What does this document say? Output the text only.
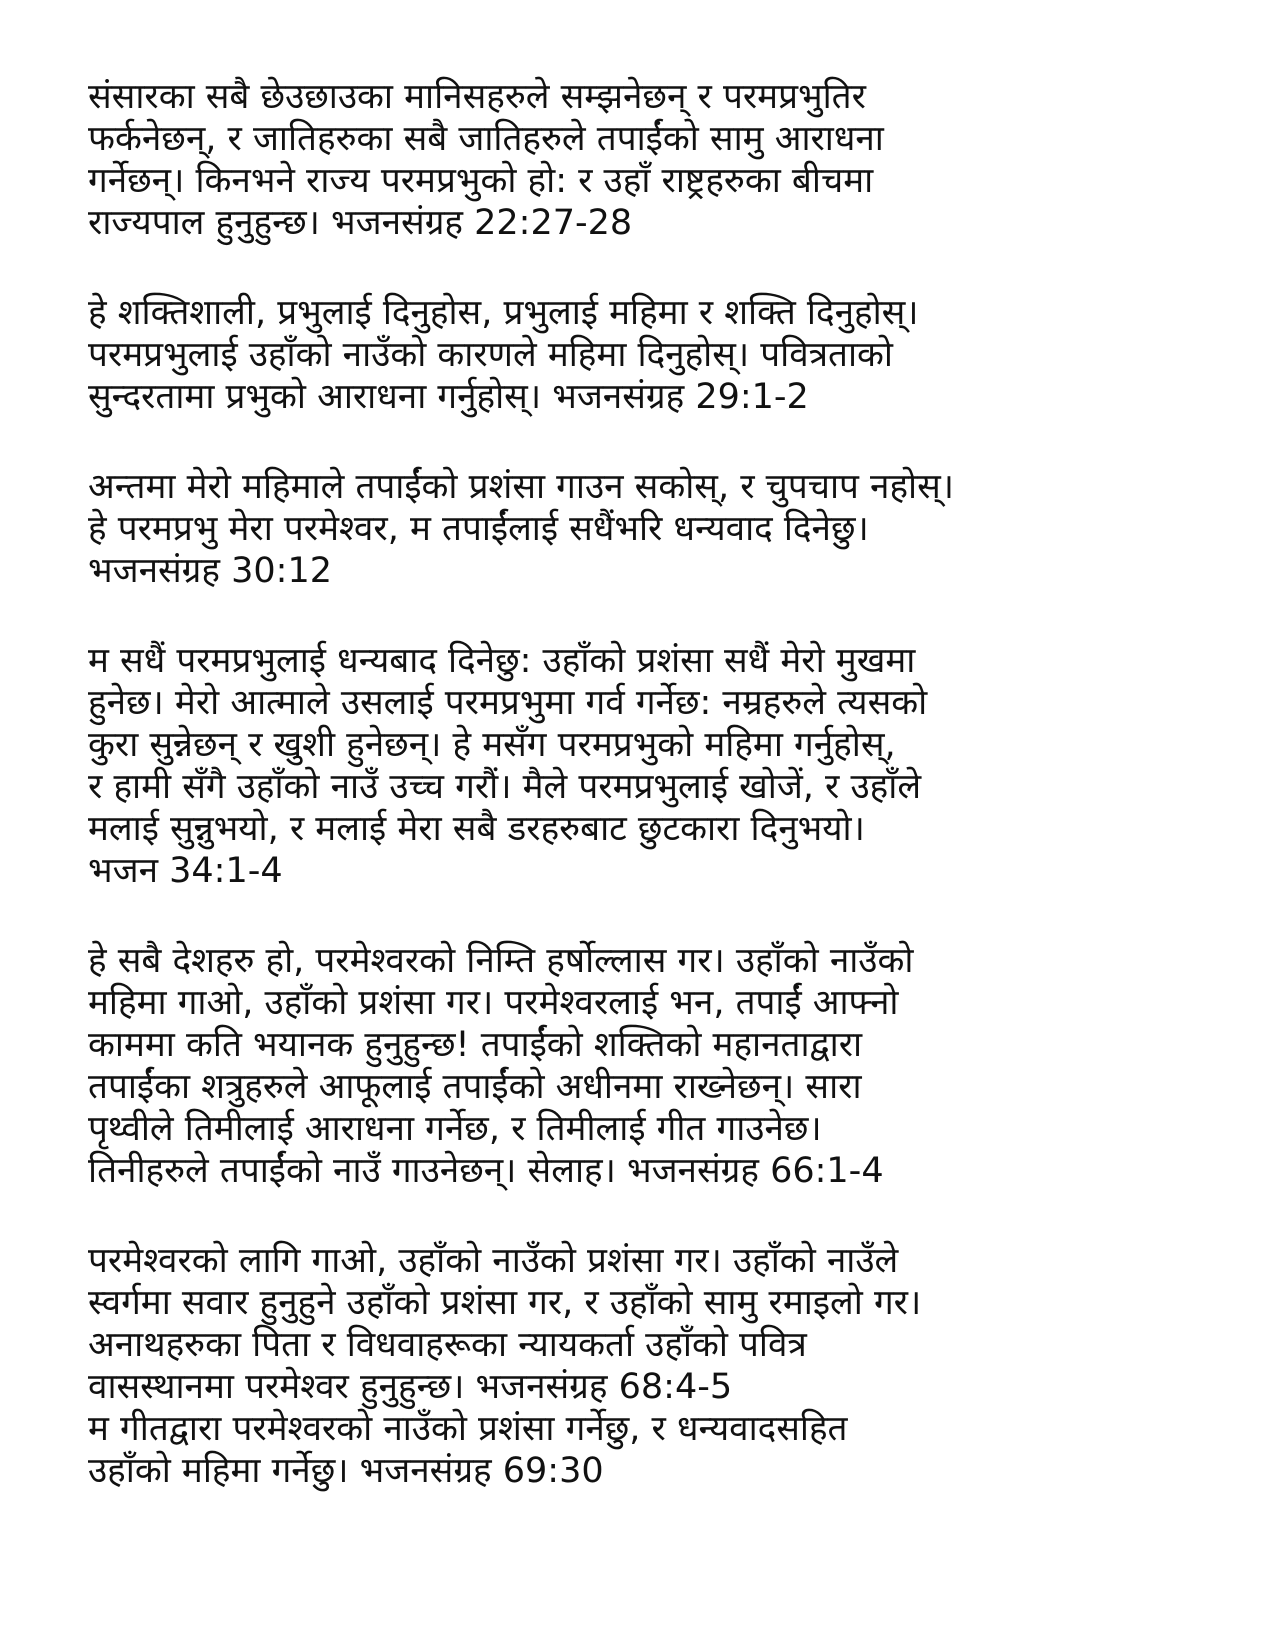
संसारका सबै छेउछाउका मानिसहरुले सम्झनेछन् र परमप्रभुतिर
फर्कनेछन्, र जातिहरुका सबै जातिहरुले तपाईंको सामु आराधना
गर्नेछन्। किनभने राज्य परमप्रभुको हो: र उहाँ राष्ट्रहरुका बीचमा
राज्यपाल हुनुहुन्छ। भजनसंग्रह 22:27-28
हे शक्तिशाली, प्रभुलाई दिनुहोस, प्रभुलाई महिमा र शक्ति दिनुहोस्।
परमप्रभुलाई उहाँको नाउँको कारणले महिमा दिनुहोस्। पवित्रताको
सुन्दरतामा प्रभुको आराधना गर्नुहोस्। भजनसंग्रह 29:1-2
अन्तमा मेरो महिमाले तपाईंको प्रशंसा गाउन सकोस्, र चुपचाप नहोस्।
हे परमप्रभु मेरा परमेश्‍वर, म तपाईंलाई सधैंभरि धन्यवाद दिनेछु।
भजनसंग्रह 30:12
म सधैं परमप्रभुलाई धन्यबाद दिनेछु: उहाँको प्रशंसा सधैं मेरो मुखमा
हुनेछ। मेरो आत्माले उसलाई परमप्रभुमा गर्व गर्नेछ: नम्रहरुले त्यसको
कुरा सुन्नेछन् र खुशी हुनेछन्। हे मसँग परमप्रभुको महिमा गर्नुहोस्,
र हामी सँगै उहाँको नाउँ उच्च गरौं। मैले परमप्रभुलाई खोजें, र उहाँले
मलाई सुन्नुभयो, र मलाई मेरा सबै डरहरुबाट छुटकारा दिनुभयो।
भजन 34:1-4
हे सबै देशहरु हो, परमेश्‍वरको निम्ति हर्षोल्लास गर। उहाँको नाउँको
महिमा गाओ, उहाँको प्रशंसा गर। परमेश्वरलाई भन, तपाईं आफ्नो
काममा कति भयानक हुनुहुन्छ! तपाईंको शक्तिको महानताद्वारा
तपाईंका शत्रुहरुले आफूलाई तपाईंको अधीनमा राख्नेछन्। सारा
पृथ्वीले तिमीलाई आराधना गर्नेछ, र तिमीलाई गीत गाउनेछ।
तिनीहरुले तपाईंको नाउँ गाउनेछन्। सेलाह। भजनसंग्रह 66:1-4
परमेश्वरको लागि गाओ, उहाँको नाउँको प्रशंसा गर। उहाँको नाउँले
स्वर्गमा सवार हुनुहुने उहाँको प्रशंसा गर, र उहाँको सामु रमाइलो गर।
अनाथहरुका पिता र विधवाहरूका न्यायकर्ता उहाँको पवित्र
वासस्थानमा परमेश्वर हुनुहुन्छ। भजनसंग्रह 68:4-5
म गीतद्वारा परमेश्वरको नाउँको प्रशंसा गर्नेछु, र धन्यवादसहित
उहाँको महिमा गर्नेछु। भजनसंग्रह 69:30
